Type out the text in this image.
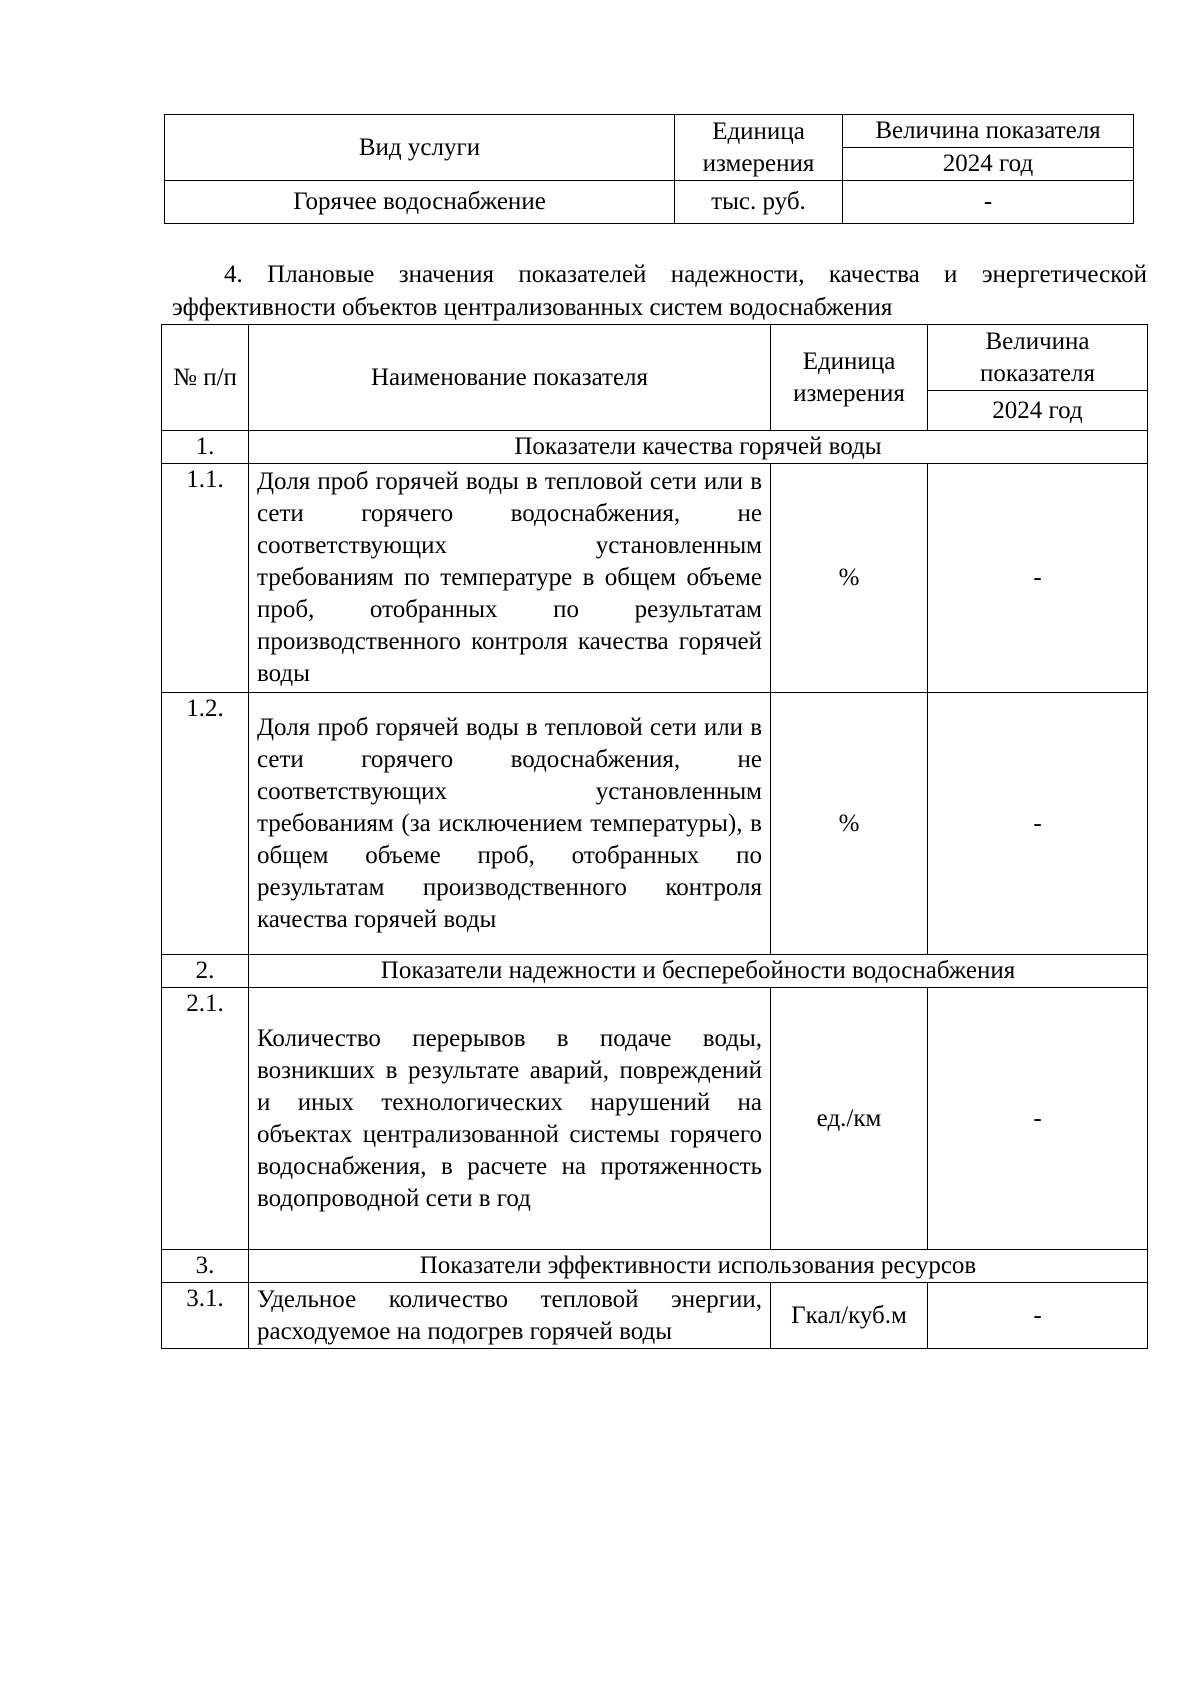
Вид услуги	Единица измерения	Величина показателя
		2024 год
Горячее водоснабжение	тыс. руб.	-
4. Плановые значения показателей надежности, качества и энергетической эффективности объектов централизованных систем водоснабжения
№ п/п	Наименование показателя	Единица измерения	Величина показателя
			2024 год
1.	Показатели качества горячей воды		
1.1.	Доля проб горячей воды в тепловой сети или в сети горячего водоснабжения, не соответствующих установленным требованиям по температуре в общем объеме проб, отобранных по результатам производственного контроля качества горячей воды	%	-
1.2.	Доля проб горячей воды в тепловой сети или в сети горячего водоснабжения, не соответствующих установленным требованиям (за исключением температуры), в общем объеме проб, отобранных по результатам производственного контроля качества горячей воды	%	-
2.	Показатели надежности и бесперебойности водоснабжения		
2.1.	Количество перерывов в подаче воды, возникших в результате аварий, повреждений и иных технологических нарушений на объектах централизованной системы горячего водоснабжения, в расчете на протяженность водопроводной сети в год	ед./км	-
3.	Показатели эффективности использования ресурсов		
3.1.	Удельное количество тепловой энергии, расходуемое на подогрев горячей воды	Гкал/куб.м	-
